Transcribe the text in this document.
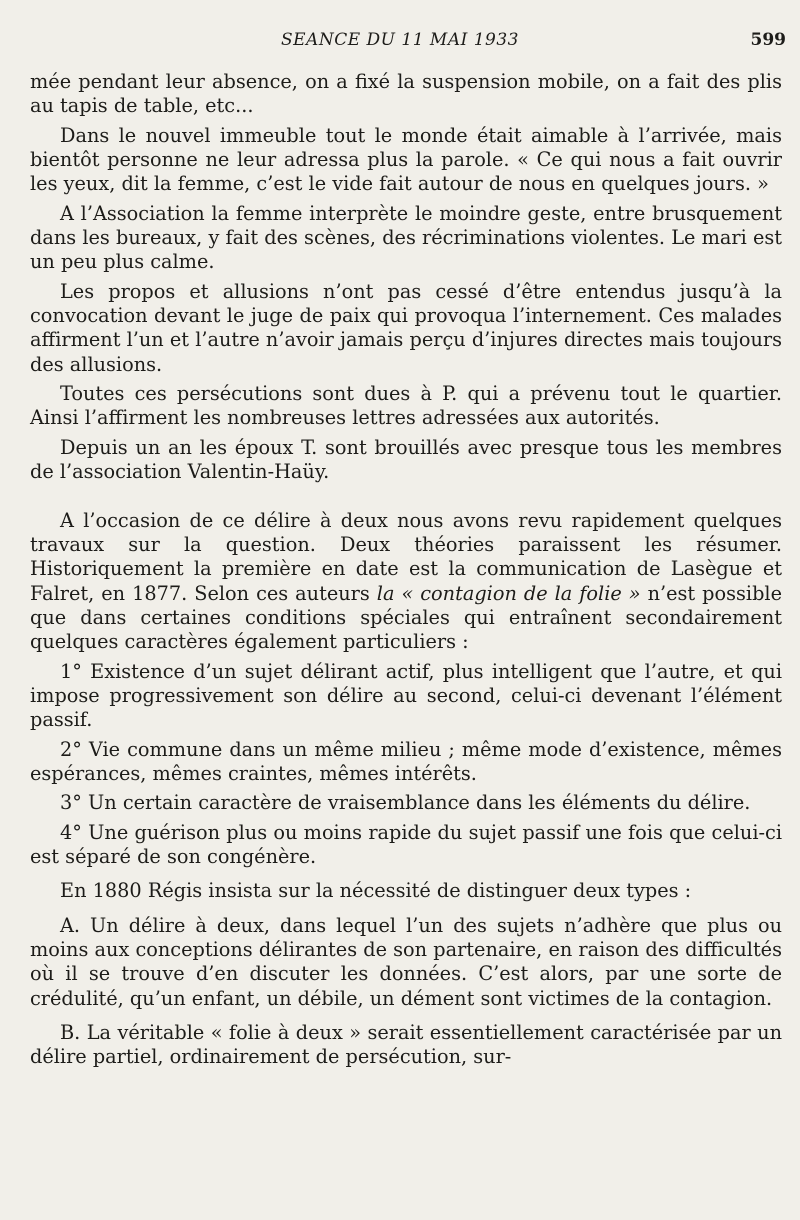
SEANCE DU 11 MAI 1933	599

mée pendant leur absence, on a fixé la suspension mobile, on a fait des plis au tapis de table, etc...

Dans le nouvel immeuble tout le monde était aimable à l’arrivée, mais bientôt personne ne leur adressa plus la parole. « Ce qui nous a fait ouvrir les yeux, dit la femme, c’est le vide fait autour de nous en quelques jours. »

A l’Association la femme interprète le moindre geste, entre brusquement dans les bureaux, y fait des scènes, des récriminations violentes. Le mari est un peu plus calme.

Les propos et allusions n’ont pas cessé d’être entendus jusqu’à la convocation devant le juge de paix qui provoqua l’internement. Ces malades affirment l’un et l’autre n’avoir jamais perçu d’injures directes mais toujours des allusions.

Toutes ces persécutions sont dues à P. qui a prévenu tout le quartier. Ainsi l’affirment les nombreuses lettres adressées aux autorités.

Depuis un an les époux T. sont brouillés avec presque tous les membres de l’association Valentin-Haüy.

A l’occasion de ce délire à deux nous avons revu rapidement quelques travaux sur la question. Deux théories paraissent les résumer. Historiquement la première en date est la communication de Lasègue et Falret, en 1877. Selon ces auteurs la « contagion de la folie » n’est possible que dans certaines conditions spéciales qui entraînent secondairement quelques caractères également particuliers :

1° Existence d’un sujet délirant actif, plus intelligent que l’autre, et qui impose progressivement son délire au second, celui-ci devenant l’élément passif.

2° Vie commune dans un même milieu ; même mode d’existence, mêmes espérances, mêmes craintes, mêmes intérêts.

3° Un certain caractère de vraisemblance dans les éléments du délire.

4° Une guérison plus ou moins rapide du sujet passif une fois que celui-ci est séparé de son congénère.

En 1880 Régis insista sur la nécessité de distinguer deux types :

A. Un délire à deux, dans lequel l’un des sujets n’adhère que plus ou moins aux conceptions délirantes de son partenaire, en raison des difficultés où il se trouve d’en discuter les données. C’est alors, par une sorte de crédulité, qu’un enfant, un débile, un dément sont victimes de la contagion.

B. La véritable « folie à deux » serait essentiellement caractérisée par un délire partiel, ordinairement de persécution, sur-
